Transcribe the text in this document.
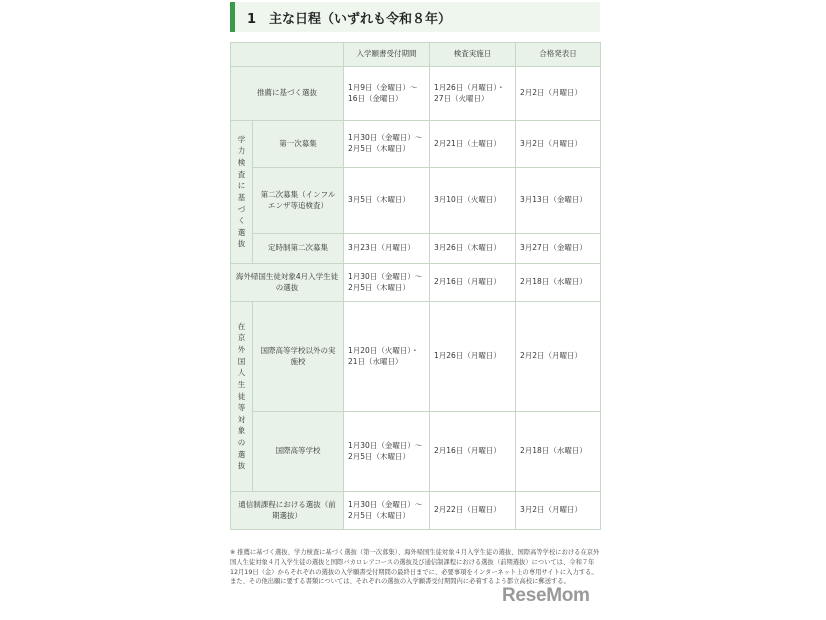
1　主な日程（いずれも令和８年）
		入学願書受付期間	検査実施日	合格発表日
推薦に基づく選抜		1月9日（金曜日）～16日（金曜日）	1月26日（月曜日）・27日（火曜日）	2月2日（月曜日）
学力検査に基づく選抜	第一次募集	1月30日（金曜日）～2月5日（木曜日）	2月21日（土曜日）	3月2日（月曜日）
	第二次募集（インフルエンザ等追検査）	3月5日（木曜日）	3月10日（火曜日）	3月13日（金曜日）
	定時制第二次募集	3月23日（月曜日）	3月26日（木曜日）	3月27日（金曜日）
海外帰国生徒対象4月入学生徒の選抜		1月30日（金曜日）～2月5日（木曜日）	2月16日（月曜日）	2月18日（水曜日）
在京外国人生徒等対象の選抜	国際高等学校以外の実施校	1月20日（火曜日）・21日（水曜日）	1月26日（月曜日）	2月2日（月曜日）
	国際高等学校	1月30日（金曜日）～2月5日（木曜日）	2月16日（月曜日）	2月18日（水曜日）
通信制課程における選抜（前期選抜）		1月30日（金曜日）～2月5日（木曜日）	2月22日（日曜日）	3月2日（月曜日）
※ 推薦に基づく選抜、学力検査に基づく選抜（第一次募集）、海外帰国生徒対象４月入学生徒の選抜、国際高等学校における在京外国人生徒対象４月入学生徒の選抜と国際バカロレアコースの選抜及び通信制課程における選抜（前期選抜）については、令和７年12月19日（金）からそれぞれの選抜の入学願書受付期間の最終日までに、必要事項をインターネット上の専用サイトに入力する。また、その他出願に要する書類については、それぞれの選抜の入学願書受付期間内に必着するよう都立高校に郵送する。
ReseMom
